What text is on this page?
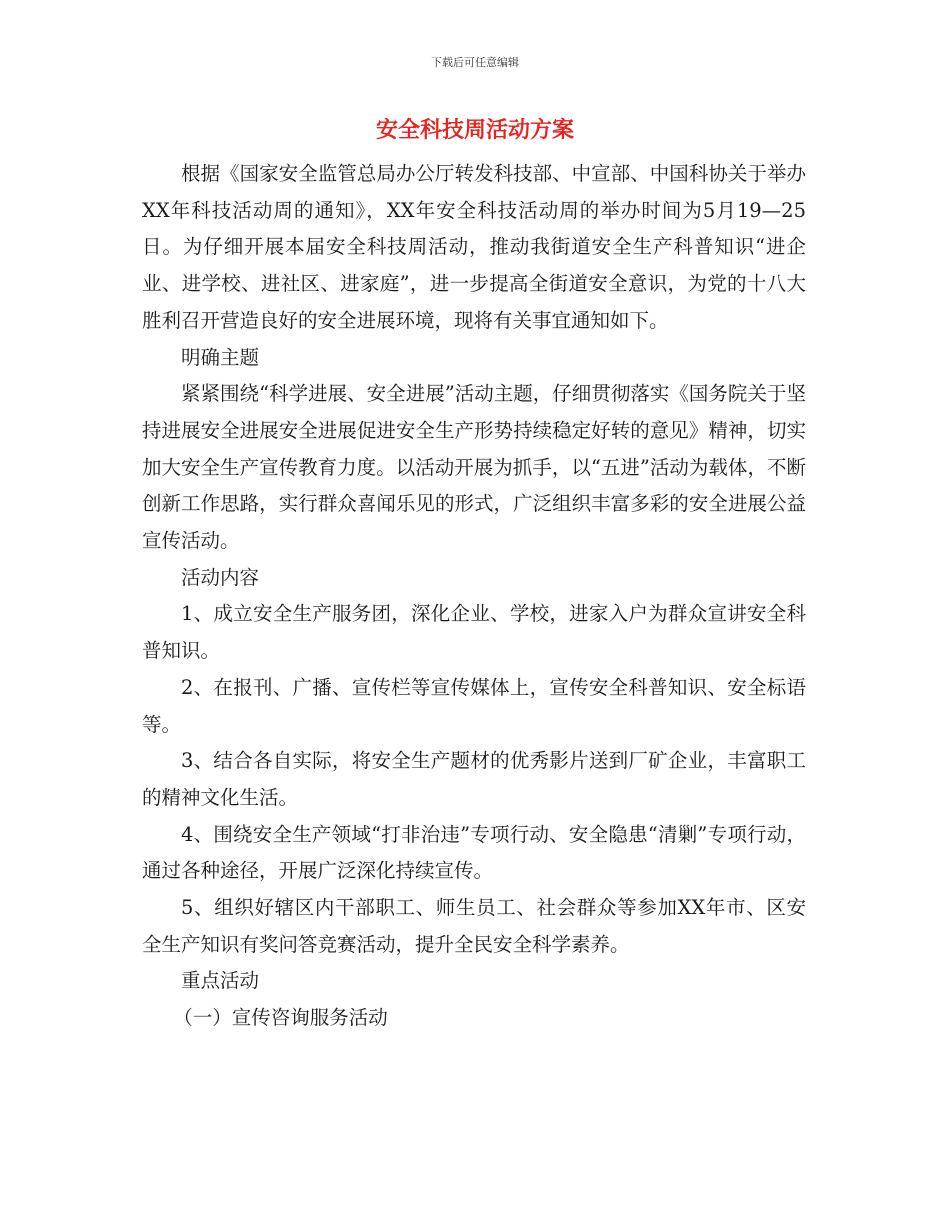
下载后可任意编辑
安全科技周活动方案

根据《国家安全监管总局办公厅转发科技部、中宣部、中国科协关于举办XX年科技活动周的通知》，XX年安全科技活动周的举办时间为5月19—25日。为仔细开展本届安全科技周活动，推动我街道安全生产科普知识“进企业、进学校、进社区、进家庭”，进一步提高全街道安全意识，为党的十八大胜利召开营造良好的安全进展环境，现将有关事宜通知如下。

明确主题

紧紧围绕“科学进展、安全进展”活动主题，仔细贯彻落实《国务院关于坚持进展安全进展安全进展促进安全生产形势持续稳定好转的意见》精神，切实加大安全生产宣传教育力度。以活动开展为抓手，以“五进”活动为载体，不断创新工作思路，实行群众喜闻乐见的形式，广泛组织丰富多彩的安全进展公益宣传活动。

活动内容

1、成立安全生产服务团，深化企业、学校，进家入户为群众宣讲安全科普知识。

2、在报刊、广播、宣传栏等宣传媒体上，宣传安全科普知识、安全标语等。

3、结合各自实际，将安全生产题材的优秀影片送到厂矿企业，丰富职工的精神文化生活。

4、围绕安全生产领域“打非治违”专项行动、安全隐患“清剿”专项行动，通过各种途径，开展广泛深化持续宣传。

5、组织好辖区内干部职工、师生员工、社会群众等参加XX年市、区安全生产知识有奖问答竞赛活动，提升全民安全科学素养。

重点活动

（一）宣传咨询服务活动
